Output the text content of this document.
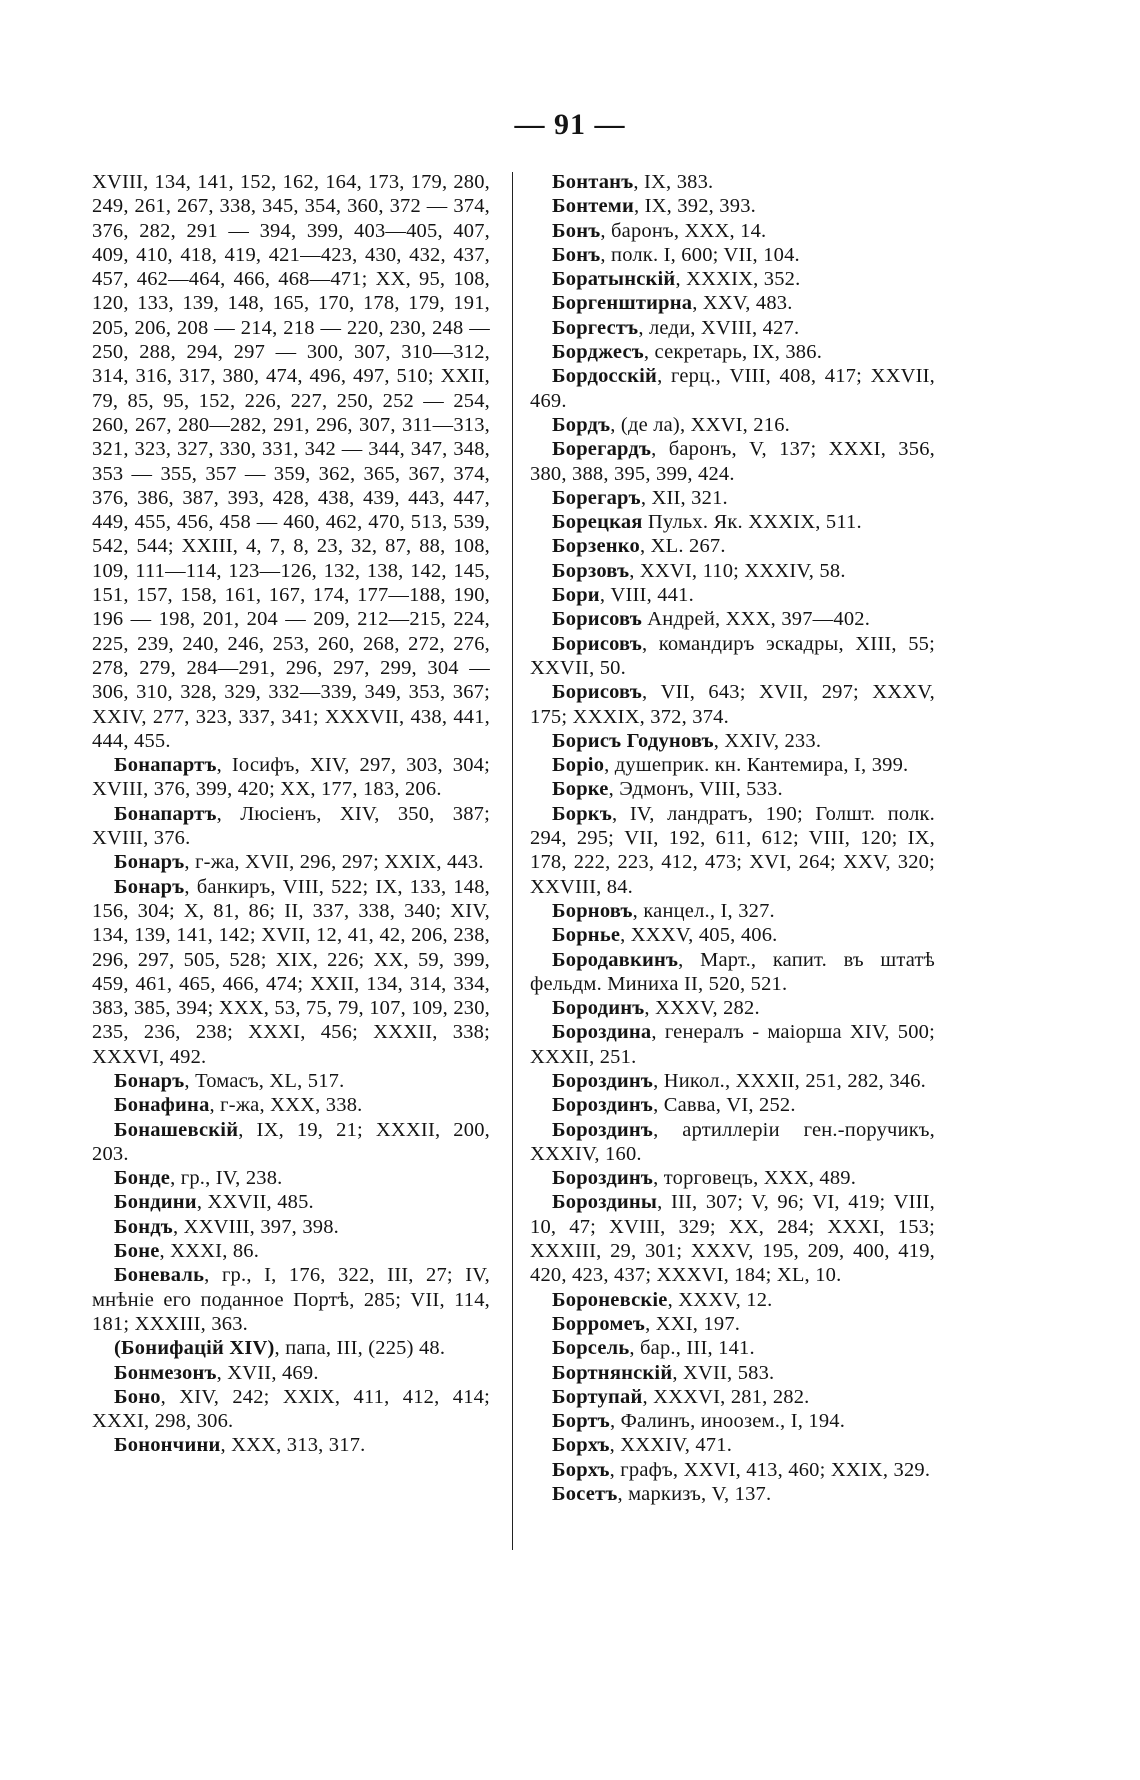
— 91 —

XVIII, 134, 141, 152, 162, 164, 173, 179, 280, 249, 261, 267, 338, 345, 354, 360, 372 — 374, 376, 282, 291 — 394, 399, 403—405, 407, 409, 410, 418, 419, 421—423, 430, 432, 437, 457, 462—464, 466, 468—471; XX, 95, 108, 120, 133, 139, 148, 165, 170, 178, 179, 191, 205, 206, 208 — 214, 218 — 220, 230, 248 — 250, 288, 294, 297 — 300, 307, 310—312, 314, 316, 317, 380, 474, 496, 497, 510; XXII, 79, 85, 95, 152, 226, 227, 250, 252 — 254, 260, 267, 280—282, 291, 296, 307, 311—313, 321, 323, 327, 330, 331, 342 — 344, 347, 348, 353 — 355, 357 — 359, 362, 365, 367, 374, 376, 386, 387, 393, 428, 438, 439, 443, 447, 449, 455, 456, 458 — 460, 462, 470, 513, 539, 542, 544; XXIII, 4, 7, 8, 23, 32, 87, 88, 108, 109, 111—114, 123—126, 132, 138, 142, 145, 151, 157, 158, 161, 167, 174, 177—188, 190, 196 — 198, 201, 204 — 209, 212—215, 224, 225, 239, 240, 246, 253, 260, 268, 272, 276, 278, 279, 284—291, 296, 297, 299, 304 — 306, 310, 328, 329, 332—339, 349, 353, 367; XXIV, 277, 323, 337, 341; XXXVII, 438, 441, 444, 455.

Бонапартъ, Іосифъ, XIV, 297, 303, 304; XVIII, 376, 399, 420; XX, 177, 183, 206.

Бонапартъ, Люсіенъ, XIV, 350, 387; XVIII, 376.

Бонаръ, г-жа, XVII, 296, 297; XXIX, 443.

Бонаръ, банкиръ, VIII, 522; IX, 133, 148, 156, 304; X, 81, 86; II, 337, 338, 340; XIV, 134, 139, 141, 142; XVII, 12, 41, 42, 206, 238, 296, 297, 505, 528; XIX, 226; XX, 59, 399, 459, 461, 465, 466, 474; XXII, 134, 314, 334, 383, 385, 394; XXX, 53, 75, 79, 107, 109, 230, 235, 236, 238; XXXI, 456; XXXII, 338; XXXVI, 492.

Бонаръ, Томасъ, XL, 517.

Бонафина, г-жа, XXX, 338.

Бонашевскій, IX, 19, 21; XXXII, 200, 203.

Бонде, гр., IV, 238.

Бондини, XXVII, 485.

Бондъ, XXVIII, 397, 398.

Боне, XXXI, 86.

Боневаль, гр., I, 176, 322, III, 27; IV, мнѣніе его поданное Портѣ, 285; VII, 114, 181; XXXIII, 363.

(Бонифацій XIV), папа, III, (225) 48.

Бонмезонъ, XVII, 469.

Боно, XIV, 242; XXIX, 411, 412, 414; XXXI, 298, 306.

Бонончини, XXX, 313, 317.

Бонтанъ, IX, 383.

Бонтеми, IX, 392, 393.

Бонъ, баронъ, XXX, 14.

Бонъ, полк. I, 600; VII, 104.

Боратынскій, XXXIX, 352.

Боргенштирна, XXV, 483.

Боргестъ, леди, XVIII, 427.

Борджесъ, секретарь, IX, 386.

Бордосскій, герц., VIII, 408, 417; XXVII, 469.

Бордъ, (де ла), XXVI, 216.

Борегардъ, баронъ, V, 137; XXXI, 356, 380, 388, 395, 399, 424.

Борегаръ, XII, 321.

Борецкая Пульх. Як. XXXIX, 511.

Борзенко, XL. 267.

Борзовъ, XXVI, 110; XXXIV, 58.

Бори, VIII, 441.

Борисовъ Андрей, XXX, 397—402.

Борисовъ, командиръ эскадры, XIII, 55; XXVII, 50.

Борисовъ, VII, 643; XVII, 297; XXXV, 175; XXXIX, 372, 374.

Борисъ Годуновъ, XXIV, 233.

Борiо, душеприк. кн. Кантемира, I, 399.

Борке, Эдмонъ, VIII, 533.

Боркъ, IV, ландратъ, 190; Голшт. полк. 294, 295; VII, 192, 611, 612; VIII, 120; IX, 178, 222, 223, 412, 473; XVI, 264; XXV, 320; XXVIII, 84.

Борновъ, канцел., I, 327.

Борнье, XXXV, 405, 406.

Бородавкинъ, Март., капит. въ штатѣ фельдм. Миниха II, 520, 521.

Бородинъ, XXXV, 282.

Бороздина, генералъ - маіорша XIV, 500; XXXII, 251.

Бороздинъ, Никол., XXXII, 251, 282, 346.

Бороздинъ, Савва, VI, 252.

Бороздинъ, артиллеріи ген.-поручикъ, XXXIV, 160.

Бороздинъ, торговецъ, XXX, 489.

Бороздины, III, 307; V, 96; VI, 419; VIII, 10, 47; XVIII, 329; XX, 284; XXXI, 153; XXXIII, 29, 301; XXXV, 195, 209, 400, 419, 420, 423, 437; XXXVI, 184; XL, 10.

Бороневскіе, XXXV, 12.

Борромеъ, XXI, 197.

Борсель, бар., III, 141.

Бортнянскій, XVII, 583.

Бортупай, XXXVI, 281, 282.

Бортъ, Фалинъ, иноозем., I, 194.

Борхъ, XXXIV, 471.

Борхъ, графъ, XXVI, 413, 460; XXIX, 329.

Босетъ, маркизъ, V, 137.
